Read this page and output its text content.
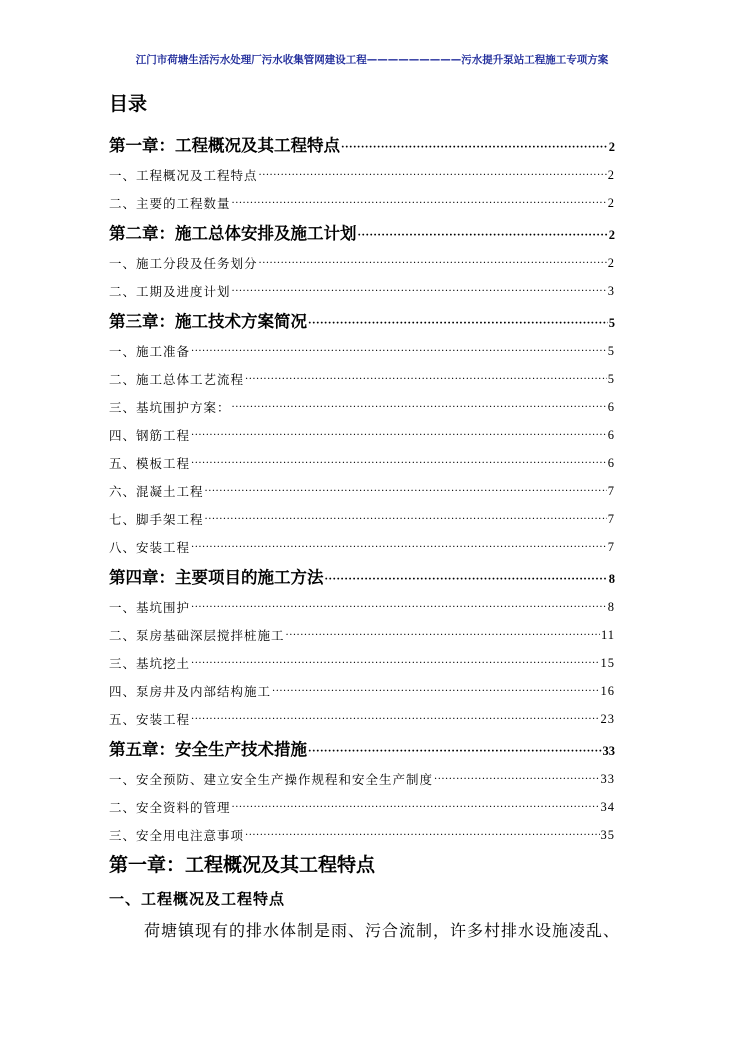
江门市荷塘生活污水处理厂污水收集管网建设工程—————————污水提升泵站工程施工专项方案
目录
第一章：工程概况及其工程特点 ·····	2
一、工程概况及工程特点 ·····	2
二、主要的工程数量 ·····	2
第二章：施工总体安排及施工计划 ·····	2
一、施工分段及任务划分 ·····	2
二、工期及进度计划 ·····	3
第三章：施工技术方案简况 ·····	5
一、施工准备 ·····	5
二、施工总体工艺流程 ·····	5
三、基坑围护方案： ·····	6
四、钢筋工程 ·····	6
五、模板工程 ·····	6
六、混凝土工程 ·····	7
七、脚手架工程 ·····	7
八、安装工程 ·····	7
第四章：主要项目的施工方法 ·····	8
一、基坑围护 ·····	8
二、泵房基础深层搅拌桩施工 ·····	11
三、基坑挖土 ·····	15
四、泵房井及内部结构施工 ·····	16
五、安装工程 ·····	23
第五章：安全生产技术措施 ·····	33
一、安全预防、建立安全生产操作规程和安全生产制度 ·····	33
二、安全资料的管理 ·····	34
三、安全用电注意事项 ·····	35
第一章：工程概况及其工程特点
一、工程概况及工程特点
荷塘镇现有的排水体制是雨、污合流制，许多村排水设施凌乱、
